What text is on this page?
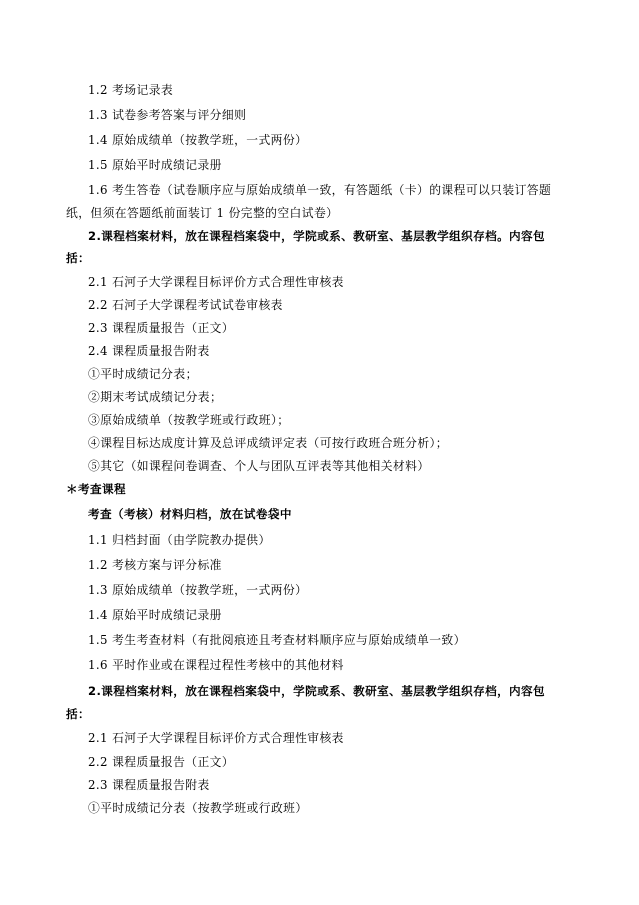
1.2 考场记录表
1.3 试卷参考答案与评分细则
1.4 原始成绩单（按教学班，一式两份）
1.5 原始平时成绩记录册
1.6 考生答卷（试卷顺序应与原始成绩单一致，有答题纸（卡）的课程可以只装订答题
纸，但须在答题纸前面装订 1 份完整的空白试卷）
2.课程档案材料，放在课程档案袋中，学院或系、教研室、基层教学组织存档。内容包
括：
2.1 石河子大学课程目标评价方式合理性审核表
2.2 石河子大学课程考试试卷审核表
2.3 课程质量报告（正文）
2.4 课程质量报告附表
①平时成绩记分表；
②期末考试成绩记分表；
③原始成绩单（按教学班或行政班）；
④课程目标达成度计算及总评成绩评定表（可按行政班合班分析）；
⑤其它（如课程问卷调查、个人与团队互评表等其他相关材料）
＊考查课程
考查（考核）材料归档，放在试卷袋中
1.1 归档封面（由学院教办提供）
1.2 考核方案与评分标准
1.3 原始成绩单（按教学班，一式两份）
1.4 原始平时成绩记录册
1.5 考生考查材料（有批阅痕迹且考查材料顺序应与原始成绩单一致）
1.6 平时作业或在课程过程性考核中的其他材料
2.课程档案材料，放在课程档案袋中，学院或系、教研室、基层教学组织存档，内容包
括：
2.1 石河子大学课程目标评价方式合理性审核表
2.2 课程质量报告（正文）
2.3 课程质量报告附表
①平时成绩记分表（按教学班或行政班）
